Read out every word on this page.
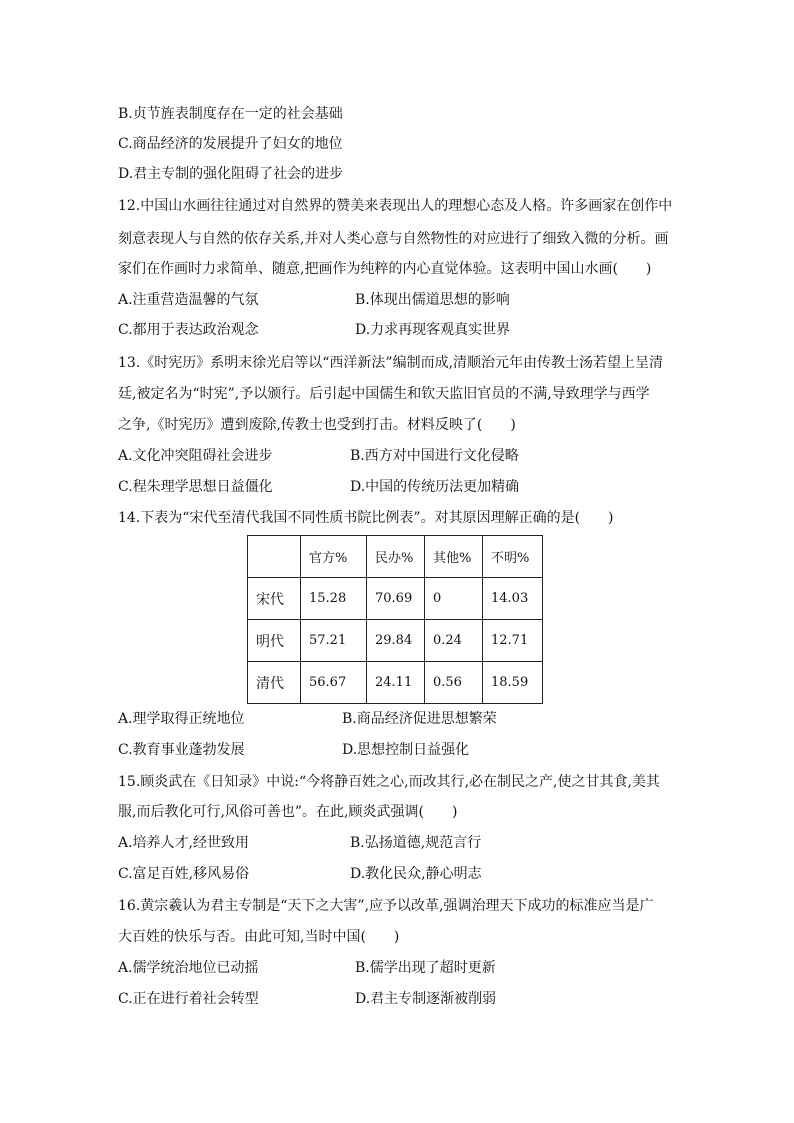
B.贞节旌表制度存在一定的社会基础
C.商品经济的发展提升了妇女的地位
D.君主专制的强化阻碍了社会的进步
12.中国山水画往往通过对自然界的赞美来表现出人的理想心态及人格。许多画家在创作中
刻意表现人与自然的依存关系,并对人类心意与自然物性的对应进行了细致入微的分析。画
家们在作画时力求简单、随意,把画作为纯粹的内心直觉体验。这表明中国山水画(　　)
A.注重营造温馨的气氛	B.体现出儒道思想的影响
C.都用于表达政治观念	D.力求再现客观真实世界
13.《时宪历》系明末徐光启等以“西洋新法”编制而成,清顺治元年由传教士汤若望上呈清
廷,被定名为“时宪”,予以颁行。后引起中国儒生和钦天监旧官员的不满,导致理学与西学
之争,《时宪历》遭到废除,传教士也受到打击。材料反映了(　　)
A.文化冲突阻碍社会进步	B.西方对中国进行文化侵略
C.程朱理学思想日益僵化	D.中国的传统历法更加精确
14.下表为“宋代至清代我国不同性质书院比例表”。对其原因理解正确的是(　　)
	官方%	民办%	其他%	不明%
宋代	15.28	70.69	0	14.03
明代	57.21	29.84	0.24	12.71
清代	56.67	24.11	0.56	18.59
A.理学取得正统地位	B.商品经济促进思想繁荣
C.教育事业蓬勃发展	D.思想控制日益强化
15.顾炎武在《日知录》中说:“今将静百姓之心,而改其行,必在制民之产,使之甘其食,美其
服,而后教化可行,风俗可善也”。在此,顾炎武强调(　　)
A.培养人才,经世致用	B.弘扬道德,规范言行
C.富足百姓,移风易俗	D.教化民众,静心明志
16.黄宗羲认为君主专制是“天下之大害”,应予以改革,强调治理天下成功的标准应当是广
大百姓的快乐与否。由此可知,当时中国(　　)
A.儒学统治地位已动摇	B.儒学出现了超时更新
C.正在进行着社会转型	D.君主专制逐渐被削弱
